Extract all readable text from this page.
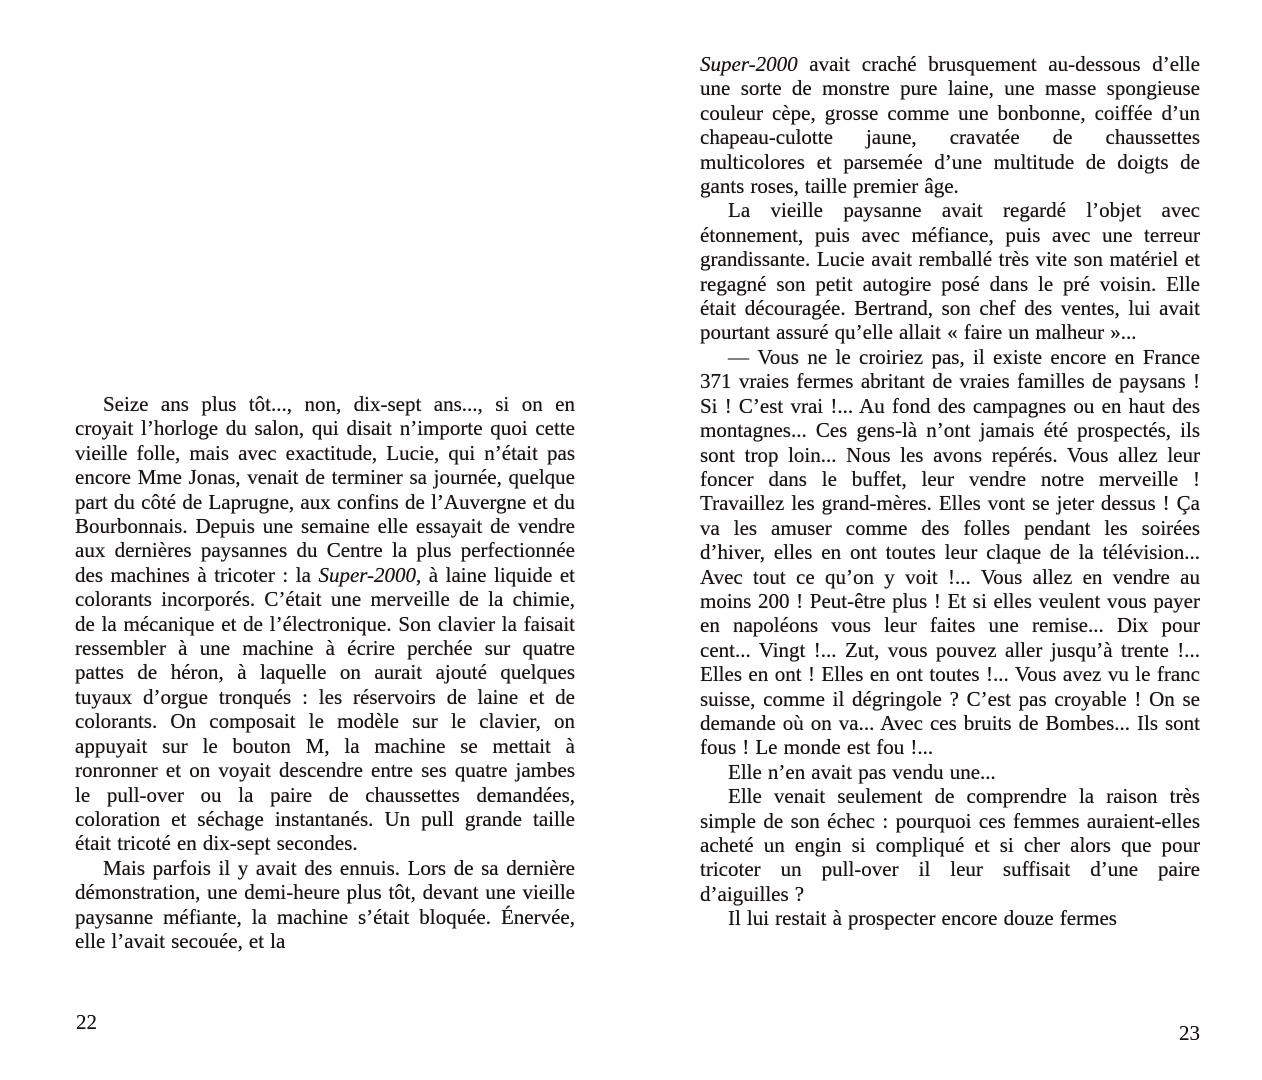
Seize ans plus tôt..., non, dix-sept ans..., si on en croyait l’horloge du salon, qui disait n’importe quoi cette vieille folle, mais avec exactitude, Lucie, qui n’était pas encore Mme Jonas, venait de terminer sa journée, quelque part du côté de Laprugne, aux confins de l’Auvergne et du Bourbonnais. Depuis une semaine elle essayait de vendre aux dernières paysannes du Centre la plus perfectionnée des machines à tricoter : la Super-2000, à laine liquide et colorants incorporés. C’était une merveille de la chimie, de la mécanique et de l’électronique. Son clavier la faisait ressembler à une machine à écrire perchée sur quatre pattes de héron, à laquelle on aurait ajouté quelques tuyaux d’orgue tronqués : les réservoirs de laine et de colorants. On composait le modèle sur le clavier, on appuyait sur le bouton M, la machine se mettait à ronronner et on voyait descendre entre ses quatre jambes le pull-over ou la paire de chaussettes demandées, coloration et séchage instantanés. Un pull grande taille était tricoté en dix-sept secondes.

Mais parfois il y avait des ennuis. Lors de sa dernière démonstration, une demi-heure plus tôt, devant une vieille paysanne méfiante, la machine s’était bloquée. Énervée, elle l’avait secouée, et la

22

Super-2000 avait craché brusquement au-dessous d’elle une sorte de monstre pure laine, une masse spongieuse couleur cèpe, grosse comme une bonbonne, coiffée d’un chapeau-culotte jaune, cravatée de chaussettes multicolores et parsemée d’une multitude de doigts de gants roses, taille premier âge.

La vieille paysanne avait regardé l’objet avec étonnement, puis avec méfiance, puis avec une terreur grandissante. Lucie avait remballé très vite son matériel et regagné son petit autogire posé dans le pré voisin. Elle était découragée. Bertrand, son chef des ventes, lui avait pourtant assuré qu’elle allait « faire un malheur »...

— Vous ne le croiriez pas, il existe encore en France 371 vraies fermes abritant de vraies familles de paysans ! Si ! C’est vrai !... Au fond des campagnes ou en haut des montagnes... Ces gens-là n’ont jamais été prospectés, ils sont trop loin... Nous les avons repérés. Vous allez leur foncer dans le buffet, leur vendre notre merveille ! Travaillez les grand-mères. Elles vont se jeter dessus ! Ça va les amuser comme des folles pendant les soirées d’hiver, elles en ont toutes leur claque de la télévision... Avec tout ce qu’on y voit !... Vous allez en vendre au moins 200 ! Peut-être plus ! Et si elles veulent vous payer en napoléons vous leur faites une remise... Dix pour cent... Vingt !... Zut, vous pouvez aller jusqu’à trente !... Elles en ont ! Elles en ont toutes !... Vous avez vu le franc suisse, comme il dégringole ? C’est pas croyable ! On se demande où on va... Avec ces bruits de Bombes... Ils sont fous ! Le monde est fou !...

Elle n’en avait pas vendu une...

Elle venait seulement de comprendre la raison très simple de son échec : pourquoi ces femmes auraient-elles acheté un engin si compliqué et si cher alors que pour tricoter un pull-over il leur suffisait d’une paire d’aiguilles ?

Il lui restait à prospecter encore douze fermes

23
